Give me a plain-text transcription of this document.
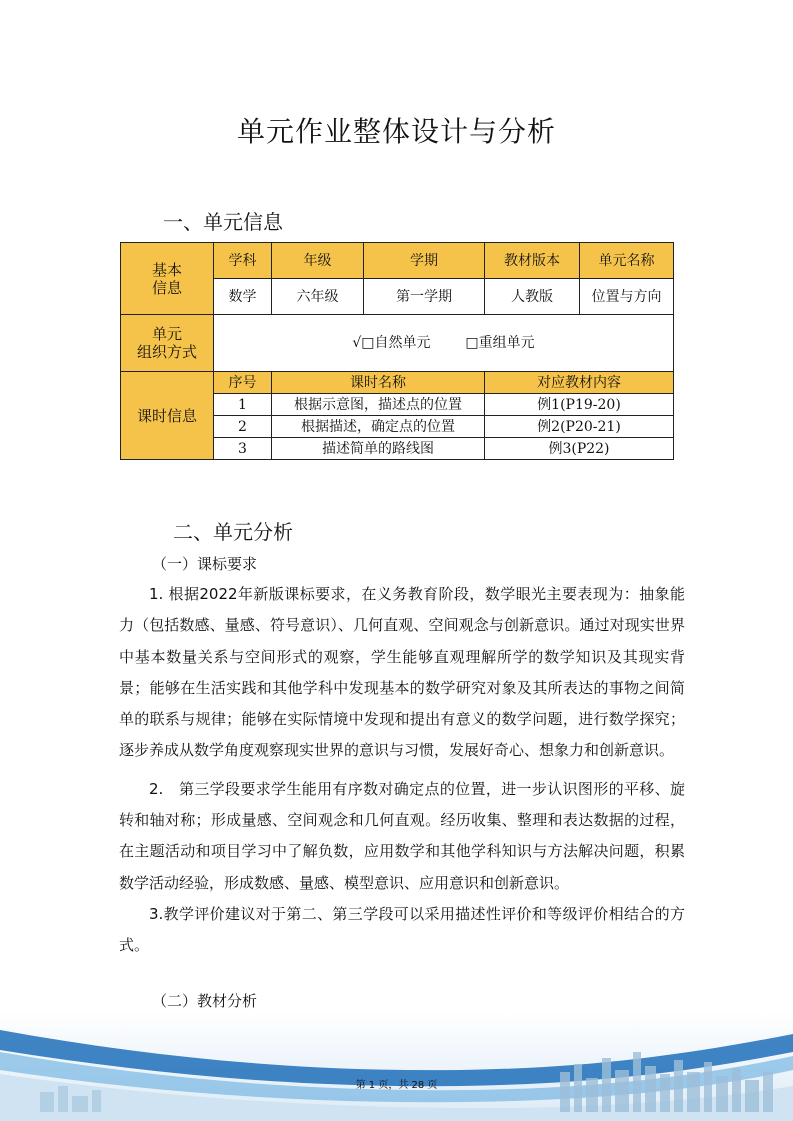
单元作业整体设计与分析
一、单元信息
基本
信息	学科	年级	学期	教材版本	单元名称
	数学	六年级	第一学期	人教版	位置与方向
单元
组织方式	√□自然单元 □重组单元				
课时信息	序号	课时名称		对应教材内容	
	1	根据示意图，描述点的位置		例1(P19-20)	
	2	根据描述，确定点的位置		例2(P20-21)	
	3	描述简单的路线图		例3(P22)	
二、单元分析
（一）课标要求

1. 根据2022年新版课标要求，在义务教育阶段，数学眼光主要表现为：抽象能力（包括数感、量感、符号意识）、几何直观、空间观念与创新意识。通过对现实世界中基本数量关系与空间形式的观察，学生能够直观理解所学的数学知识及其现实背景；能够在生活实践和其他学科中发现基本的数学研究对象及其所表达的事物之间简单的联系与规律；能够在实际情境中发现和提出有意义的数学问题，进行数学探究；逐步养成从数学角度观察现实世界的意识与习惯，发展好奇心、想象力和创新意识。

2.　第三学段要求学生能用有序数对确定点的位置，进一步认识图形的平移、旋转和轴对称；形成量感、空间观念和几何直观。经历收集、整理和表达数据的过程，在主题活动和项目学习中了解负数，应用数学和其他学科知识与方法解决问题，积累数学活动经验，形成数感、量感、模型意识、应用意识和创新意识。

3.教学评价建议对于第二、第三学段可以采用描述性评价和等级评价相结合的方式。

（二）教材分析
第 1 页，共 28 页
